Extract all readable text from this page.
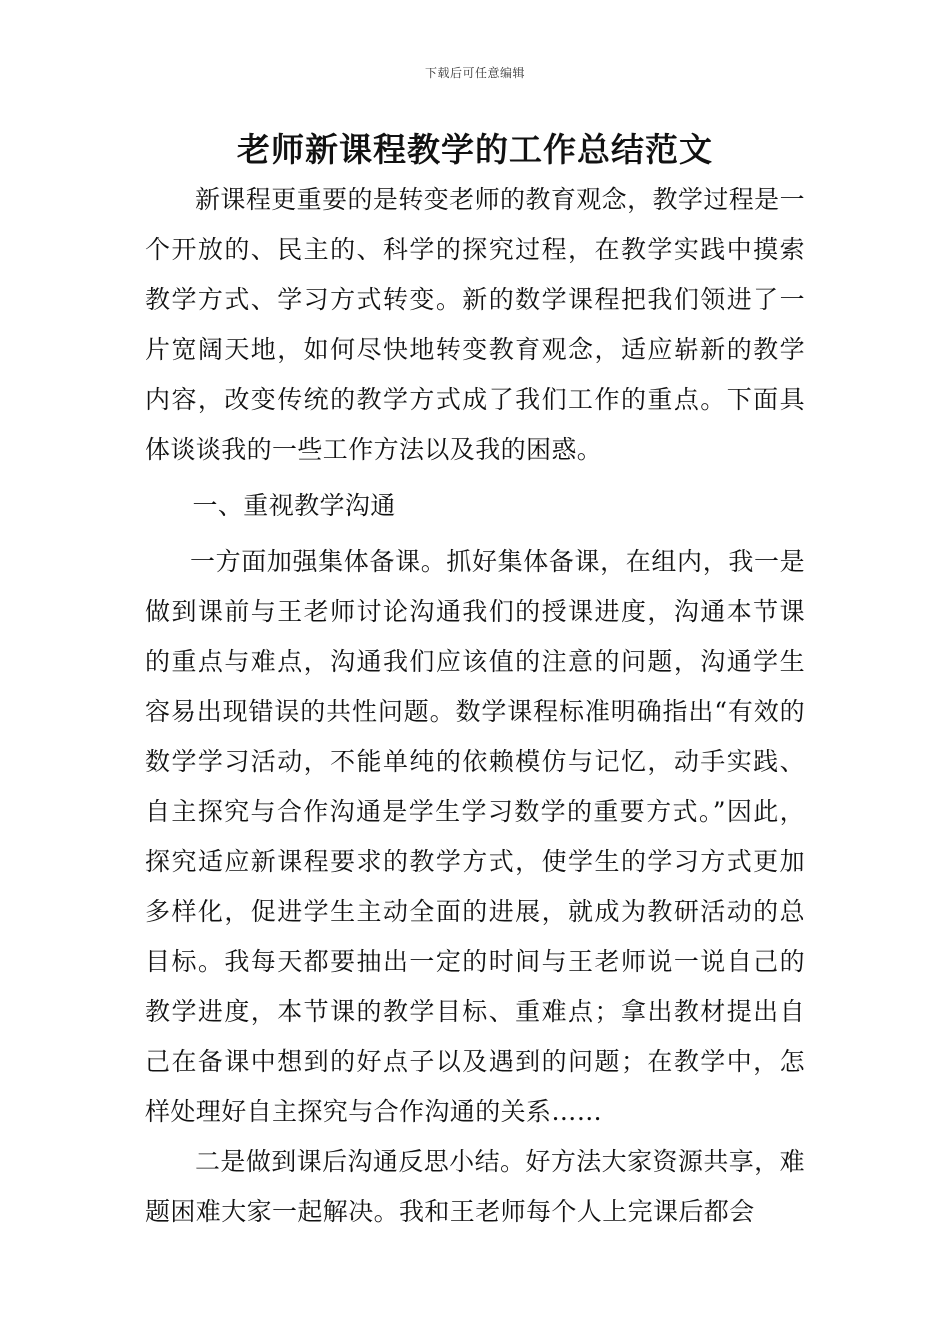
下载后可任意编辑
老师新课程教学的工作总结范文

新课程更重要的是转变老师的教育观念，教学过程是一个开放的、民主的、科学的探究过程，在教学实践中摸索教学方式、学习方式转变。新的数学课程把我们领进了一片宽阔天地，如何尽快地转变教育观念，适应崭新的教学内容，改变传统的教学方式成了我们工作的重点。下面具体谈谈我的一些工作方法以及我的困惑。

一、重视教学沟通

一方面加强集体备课。抓好集体备课，在组内，我一是做到课前与王老师讨论沟通我们的授课进度，沟通本节课的重点与难点，沟通我们应该值的注意的问题，沟通学生容易出现错误的共性问题。数学课程标准明确指出“有效的数学学习活动，不能单纯的依赖模仿与记忆，动手实践、自主探究与合作沟通是学生学习数学的重要方式。”因此，探究适应新课程要求的教学方式，使学生的学习方式更加多样化，促进学生主动全面的进展，就成为教研活动的总目标。我每天都要抽出一定的时间与王老师说一说自己的教学进度，本节课的教学目标、重难点；拿出教材提出自己在备课中想到的好点子以及遇到的问题；在教学中，怎样处理好自主探究与合作沟通的关系……

二是做到课后沟通反思小结。好方法大家资源共享，难题困难大家一起解决。我和王老师每个人上完课后都会
